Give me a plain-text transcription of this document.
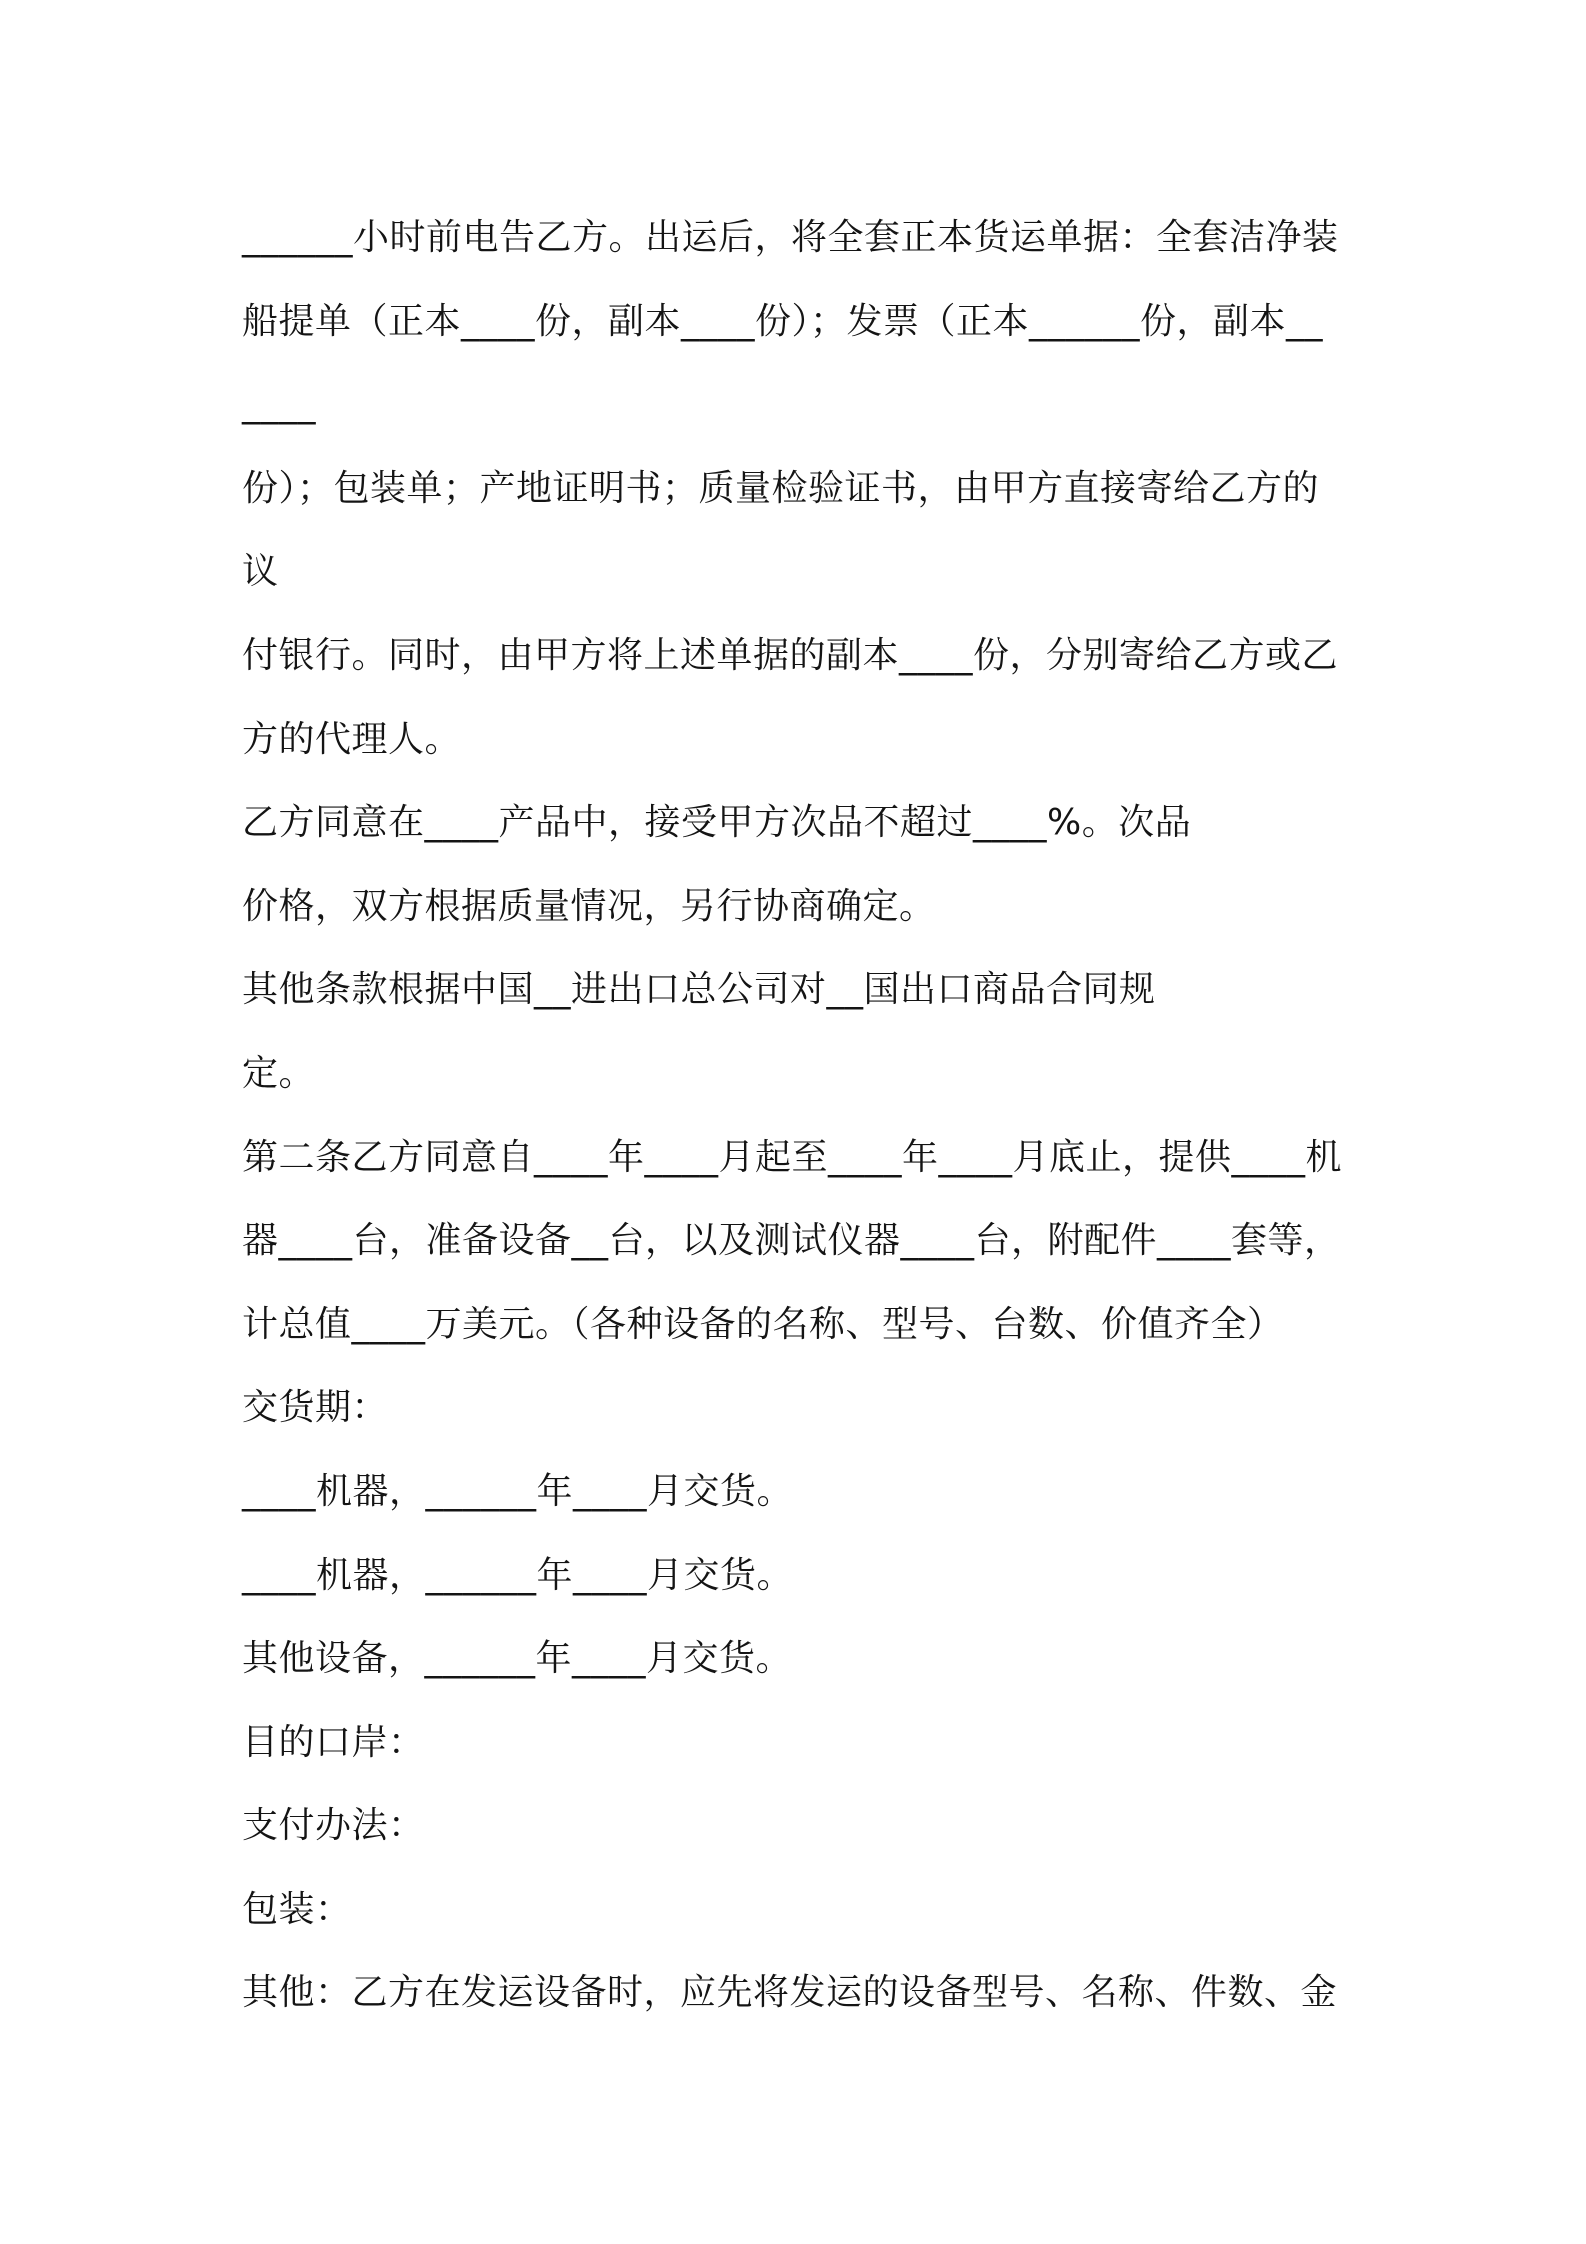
______小时前电告乙方。出运后，将全套正本货运单据：全套洁净装
船提单（正本____份，副本____份）；发票（正本______份，副本__
____
份）；包装单；产地证明书；质量检验证书，由甲方直接寄给乙方的
议
付银行。同时，由甲方将上述单据的副本____份，分别寄给乙方或乙
方的代理人。
乙方同意在____产品中，接受甲方次品不超过____%。次品
价格，双方根据质量情况，另行协商确定。
其他条款根据中国__进出口总公司对__国出口商品合同规
定。
第二条乙方同意自____年____月起至____年____月底止，提供____机
器____台，准备设备__台，以及测试仪器____台，附配件____套等，
计总值____万美元。（各种设备的名称、型号、台数、价值齐全）
交货期：
____机器，______年____月交货。
____机器，______年____月交货。
其他设备，______年____月交货。
目的口岸：
支付办法：
包装：
其他：乙方在发运设备时，应先将发运的设备型号、名称、件数、金
